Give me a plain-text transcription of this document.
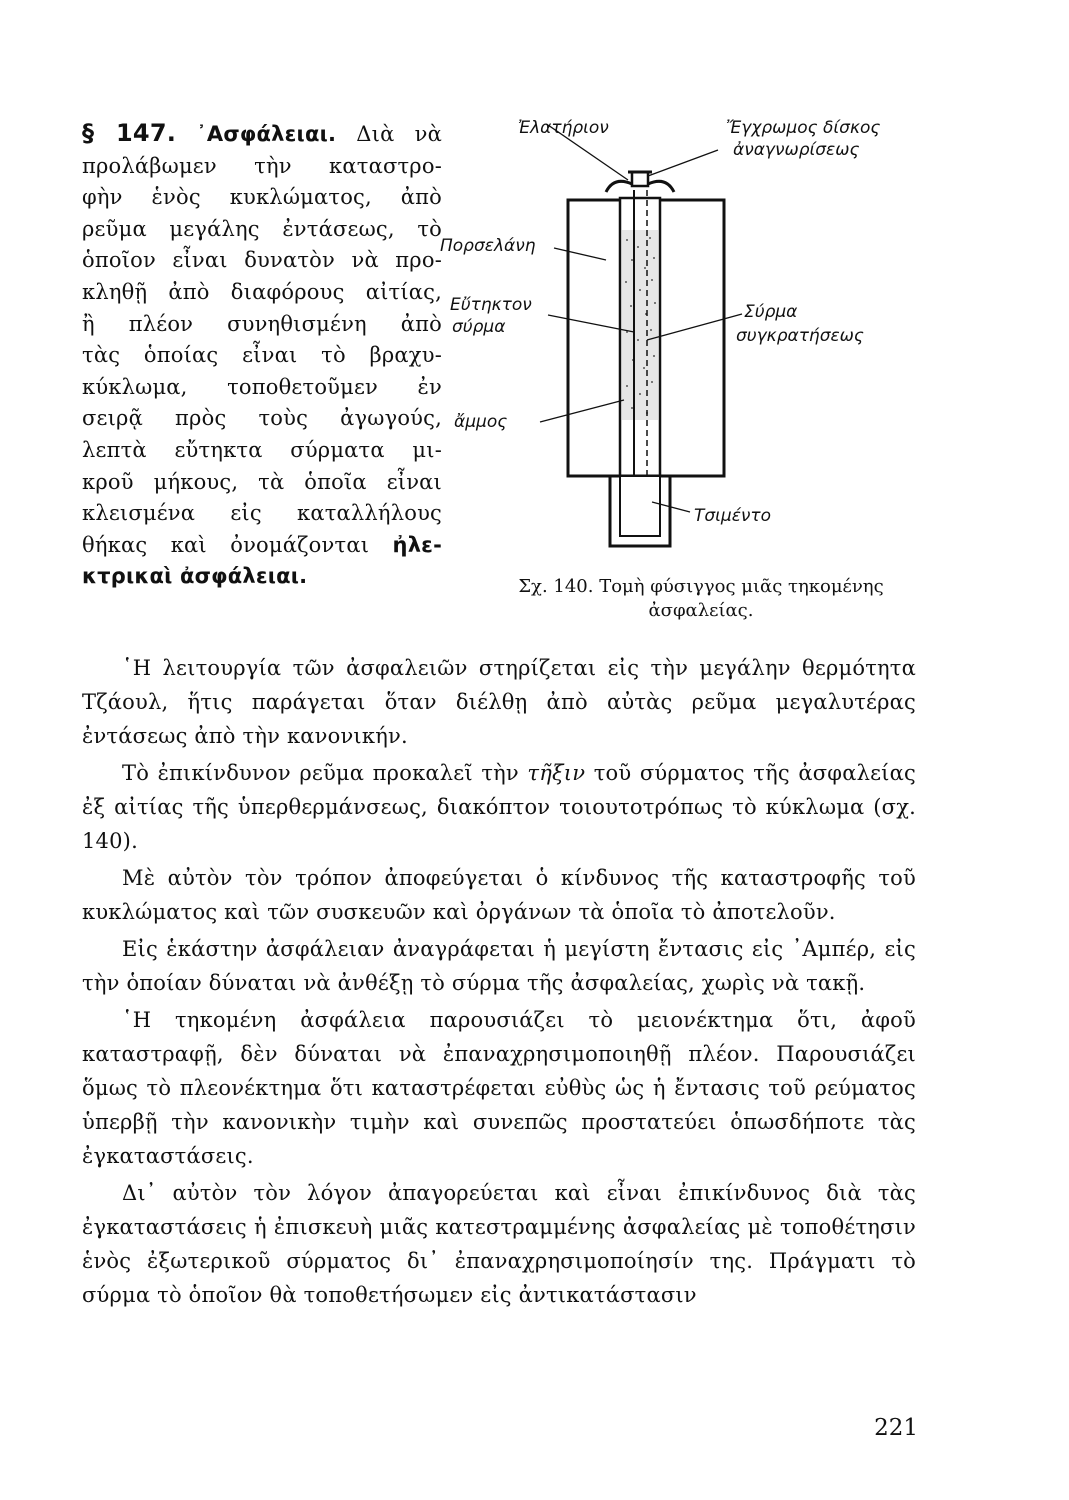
§ 147. ᾿Ασφάλειαι. Διὰ νὰ
προλάβωμεν τὴν καταστρο-
φὴν ἑνὸς κυκλώματος, ἀπὸ
ρεῦμα μεγάλης ἐντάσεως, τὸ
ὁποῖον εἶναι δυνατὸν νὰ προ-
κληθῇ ἀπὸ διαφόρους αἰτίας,
ἢ πλέον συνηθισμένη ἀπὸ
τὰς ὁποίας εἶναι τὸ βραχυ-
κύκλωμα, τοποθετοῦμεν ἐν
σειρᾷ πρὸς τοὺς ἀγωγούς,
λεπτὰ εὔτηκτα σύρματα μι-
κροῦ μήκους, τὰ ὁποῖα εἶναι
κλεισμένα εἰς καταλλήλους
θήκας καὶ ὀνομάζονται ἠλε-
κτρικαὶ ἀσφάλειαι.
Ἐλατήριον	Ἔγχρωμος δίσκος
ἀναγνωρίσεως
Πορσελάνη
Εὔτηκτον
σύρμα
Σύρμα
συγκρατήσεως
ἄμμος
Τσιμέντο
Σχ. 140. Τομὴ φύσιγγος μιᾶς τηκομένης ἀσφαλείας.

῾Η λειτουργία τῶν ἀσφαλειῶν στηρίζεται εἰς τὴν μεγάλην θερμότητα Τζάουλ, ἥτις παράγεται ὅταν διέλθῃ ἀπὸ αὐτὰς ρεῦμα μεγαλυτέρας ἐντάσεως ἀπὸ τὴν κανονικήν.

Τὸ ἐπικίνδυνον ρεῦμα προκαλεῖ τὴν τῆξιν τοῦ σύρματος τῆς ἀσφαλείας ἐξ αἰτίας τῆς ὑπερθερμάνσεως, διακόπτον τοιουτοτρόπως τὸ κύκλωμα (σχ. 140).

Μὲ αὐτὸν τὸν τρόπον ἀποφεύγεται ὁ κίνδυνος τῆς καταστροφῆς τοῦ κυκλώματος καὶ τῶν συσκευῶν καὶ ὀργάνων τὰ ὁποῖα τὸ ἀποτελοῦν.

Εἰς ἑκάστην ἀσφάλειαν ἀναγράφεται ἡ μεγίστη ἔντασις εἰς ᾽Αμπέρ, εἰς τὴν ὁποίαν δύναται νὰ ἀνθέξῃ τὸ σύρμα τῆς ἀσφαλείας, χωρὶς νὰ τακῇ.

῾Η τηκομένη ἀσφάλεια παρουσιάζει τὸ μειονέκτημα ὅτι, ἀφοῦ καταστραφῇ, δὲν δύναται νὰ ἐπαναχρησιμοποιηθῇ πλέον. Παρουσιάζει ὅμως τὸ πλεονέκτημα ὅτι καταστρέφεται εὐθὺς ὡς ἡ ἔντασις τοῦ ρεύματος ὑπερβῇ τὴν κανονικὴν τιμὴν καὶ συνεπῶς προστατεύει ὁπωσδήποτε τὰς ἐγκαταστάσεις.

Δι᾽ αὐτὸν τὸν λόγον ἀπαγορεύεται καὶ εἶναι ἐπικίνδυνος διὰ τὰς ἐγκαταστάσεις ἡ ἐπισκευὴ μιᾶς κατεστραμμένης ἀσφαλείας μὲ τοποθέτησιν ἑνὸς ἐξωτερικοῦ σύρματος δι᾽ ἐπαναχρησιμοποίησίν της. Πράγματι τὸ σύρμα τὸ ὁποῖον θὰ τοποθετήσωμεν εἰς ἀντικατάστασιν

221
